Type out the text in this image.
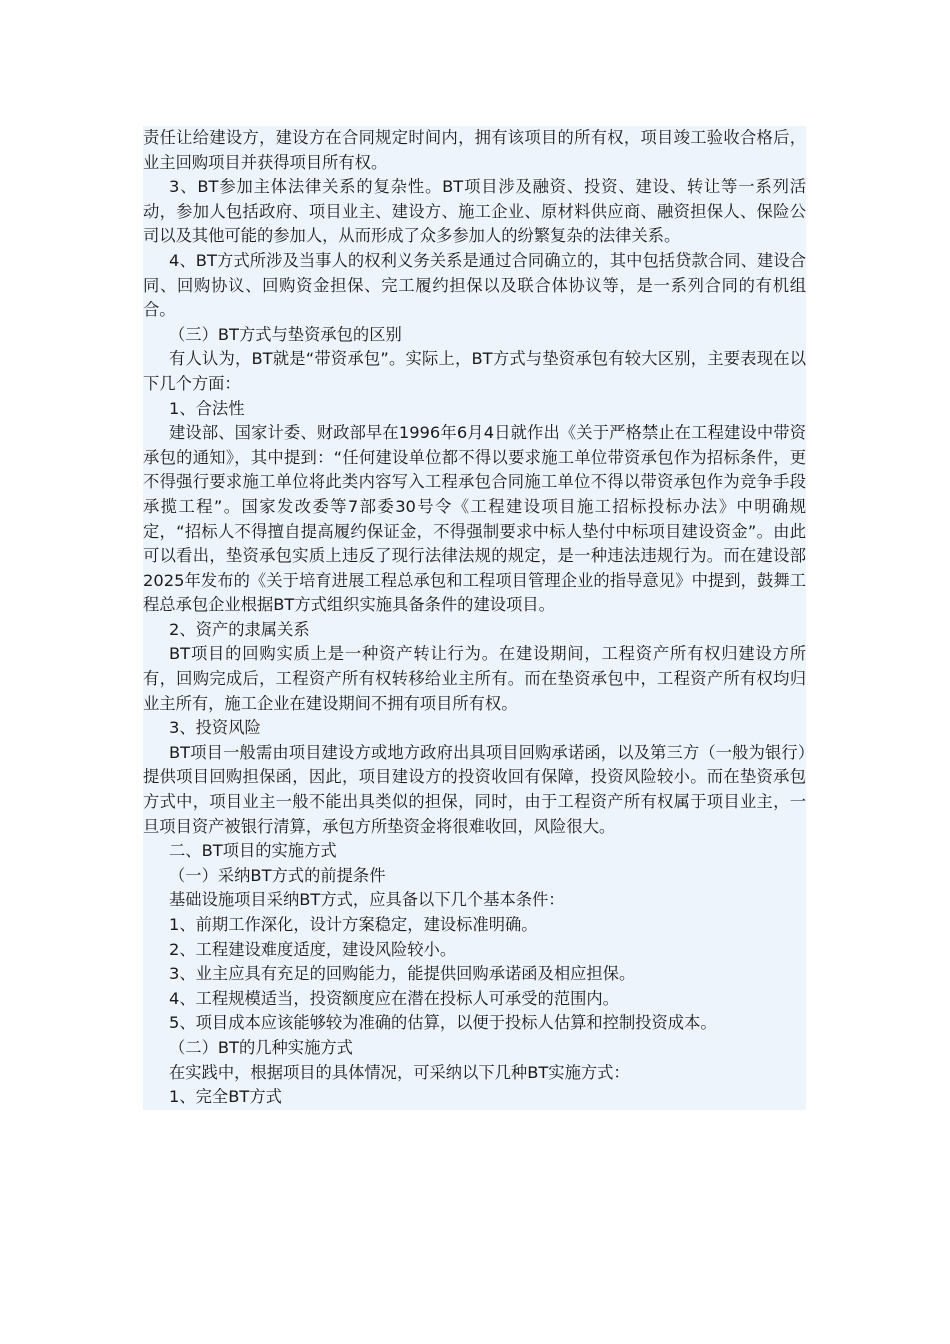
责任让给建设方，建设方在合同规定时间内，拥有该项目的所有权，项目竣工验收合格后，业主回购项目并获得项目所有权。

3、BT参加主体法律关系的复杂性。BT项目涉及融资、投资、建设、转让等一系列活动，参加人包括政府、项目业主、建设方、施工企业、原材料供应商、融资担保人、保险公司以及其他可能的参加人，从而形成了众多参加人的纷繁复杂的法律关系。

4、BT方式所涉及当事人的权利义务关系是通过合同确立的，其中包括贷款合同、建设合同、回购协议、回购资金担保、完工履约担保以及联合体协议等，是一系列合同的有机组合。

（三）BT方式与垫资承包的区别

有人认为，BT就是“带资承包”。实际上，BT方式与垫资承包有较大区别，主要表现在以下几个方面：

1、合法性

建设部、国家计委、财政部早在1996年6月4日就作出《关于严格禁止在工程建设中带资承包的通知》，其中提到：“任何建设单位都不得以要求施工单位带资承包作为招标条件，更不得强行要求施工单位将此类内容写入工程承包合同施工单位不得以带资承包作为竞争手段承揽工程”。国家发改委等7部委30号令《工程建设项目施工招标投标办法》中明确规定，“招标人不得擅自提高履约保证金，不得强制要求中标人垫付中标项目建设资金”。由此可以看出，垫资承包实质上违反了现行法律法规的规定，是一种违法违规行为。而在建设部2025年发布的《关于培育进展工程总承包和工程项目管理企业的指导意见》中提到，鼓舞工程总承包企业根据BT方式组织实施具备条件的建设项目。

2、资产的隶属关系

BT项目的回购实质上是一种资产转让行为。在建设期间，工程资产所有权归建设方所有，回购完成后，工程资产所有权转移给业主所有。而在垫资承包中，工程资产所有权均归业主所有，施工企业在建设期间不拥有项目所有权。

3、投资风险

BT项目一般需由项目建设方或地方政府出具项目回购承诺函，以及第三方（一般为银行）提供项目回购担保函，因此，项目建设方的投资收回有保障，投资风险较小。而在垫资承包方式中，项目业主一般不能出具类似的担保，同时，由于工程资产所有权属于项目业主，一旦项目资产被银行清算，承包方所垫资金将很难收回，风险很大。

二、BT项目的实施方式

（一）采纳BT方式的前提条件

基础设施项目采纳BT方式，应具备以下几个基本条件：

1、前期工作深化，设计方案稳定，建设标准明确。

2、工程建设难度适度，建设风险较小。

3、业主应具有充足的回购能力，能提供回购承诺函及相应担保。

4、工程规模适当，投资额度应在潜在投标人可承受的范围内。

5、项目成本应该能够较为准确的估算，以便于投标人估算和控制投资成本。

（二）BT的几种实施方式

在实践中，根据项目的具体情况，可采纳以下几种BT实施方式：

1、完全BT方式
